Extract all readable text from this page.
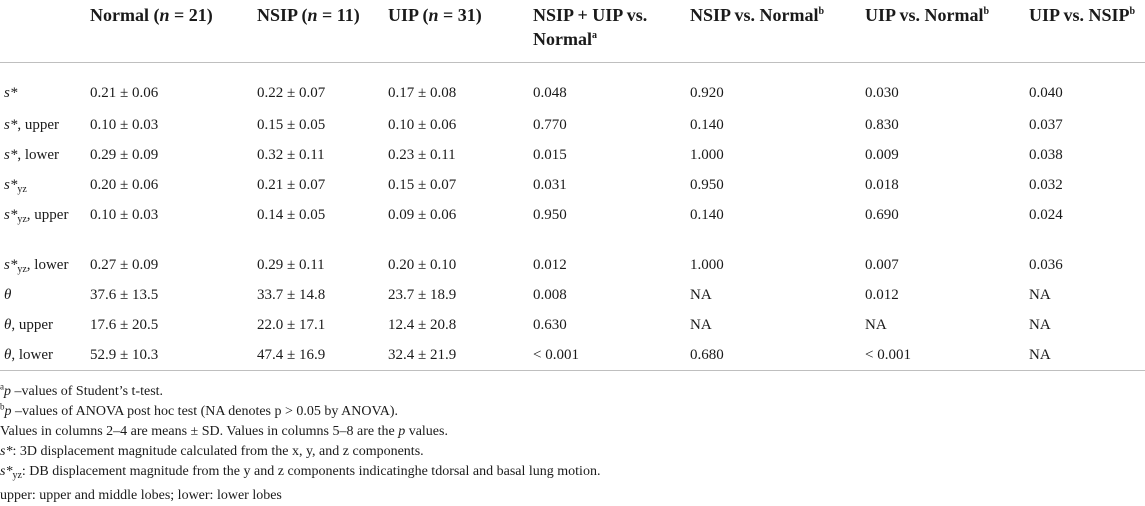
	Normal (n = 21)	NSIP (n = 11)	UIP (n = 31)	NSIP + UIP vs. Normal$^a$	NSIP vs. Normal$^b$	UIP vs. Normal$^b$	UIP vs. NSIP$^b$
s*	0.21 ± 0.06	0.22 ± 0.07	0.17 ± 0.08	0.048	0.920	0.030	0.040
s*, upper	0.10 ± 0.03	0.15 ± 0.05	0.10 ± 0.06	0.770	0.140	0.830	0.037
s*, lower	0.29 ± 0.09	0.32 ± 0.11	0.23 ± 0.11	0.015	1.000	0.009	0.038
$s*_{yz}$	0.20 ± 0.06	0.21 ± 0.07	0.15 ± 0.07	0.031	0.950	0.018	0.032
$s*_{yz}$, upper	0.10 ± 0.03	0.14 ± 0.05	0.09 ± 0.06	0.950	0.140	0.690	0.024
$s*_{yz}$, lower	0.27 ± 0.09	0.29 ± 0.11	0.20 ± 0.10	0.012	1.000	0.007	0.036
θ	37.6 ± 13.5	33.7 ± 14.8	23.7 ± 18.9	0.008	NA	0.012	NA
θ, upper	17.6 ± 20.5	22.0 ± 17.1	12.4 ± 20.8	0.630	NA	NA	NA
θ, lower	52.9 ± 10.3	47.4 ± 16.9	32.4 ± 21.9	< 0.001	0.680	< 0.001	NA
$^a$p –values of Student’s t-test.
$^b$p –values of ANOVA post hoc test (NA denotes p > 0.05 by ANOVA).
Values in columns 2–4 are means ± SD. Values in columns 5–8 are the p values.
s*: 3D displacement magnitude calculated from the x, y, and z components.
$s*_{yz}$: DB displacement magnitude from the y and z components indicatinghe tdorsal and basal lung motion.
upper: upper and middle lobes; lower: lower lobes
